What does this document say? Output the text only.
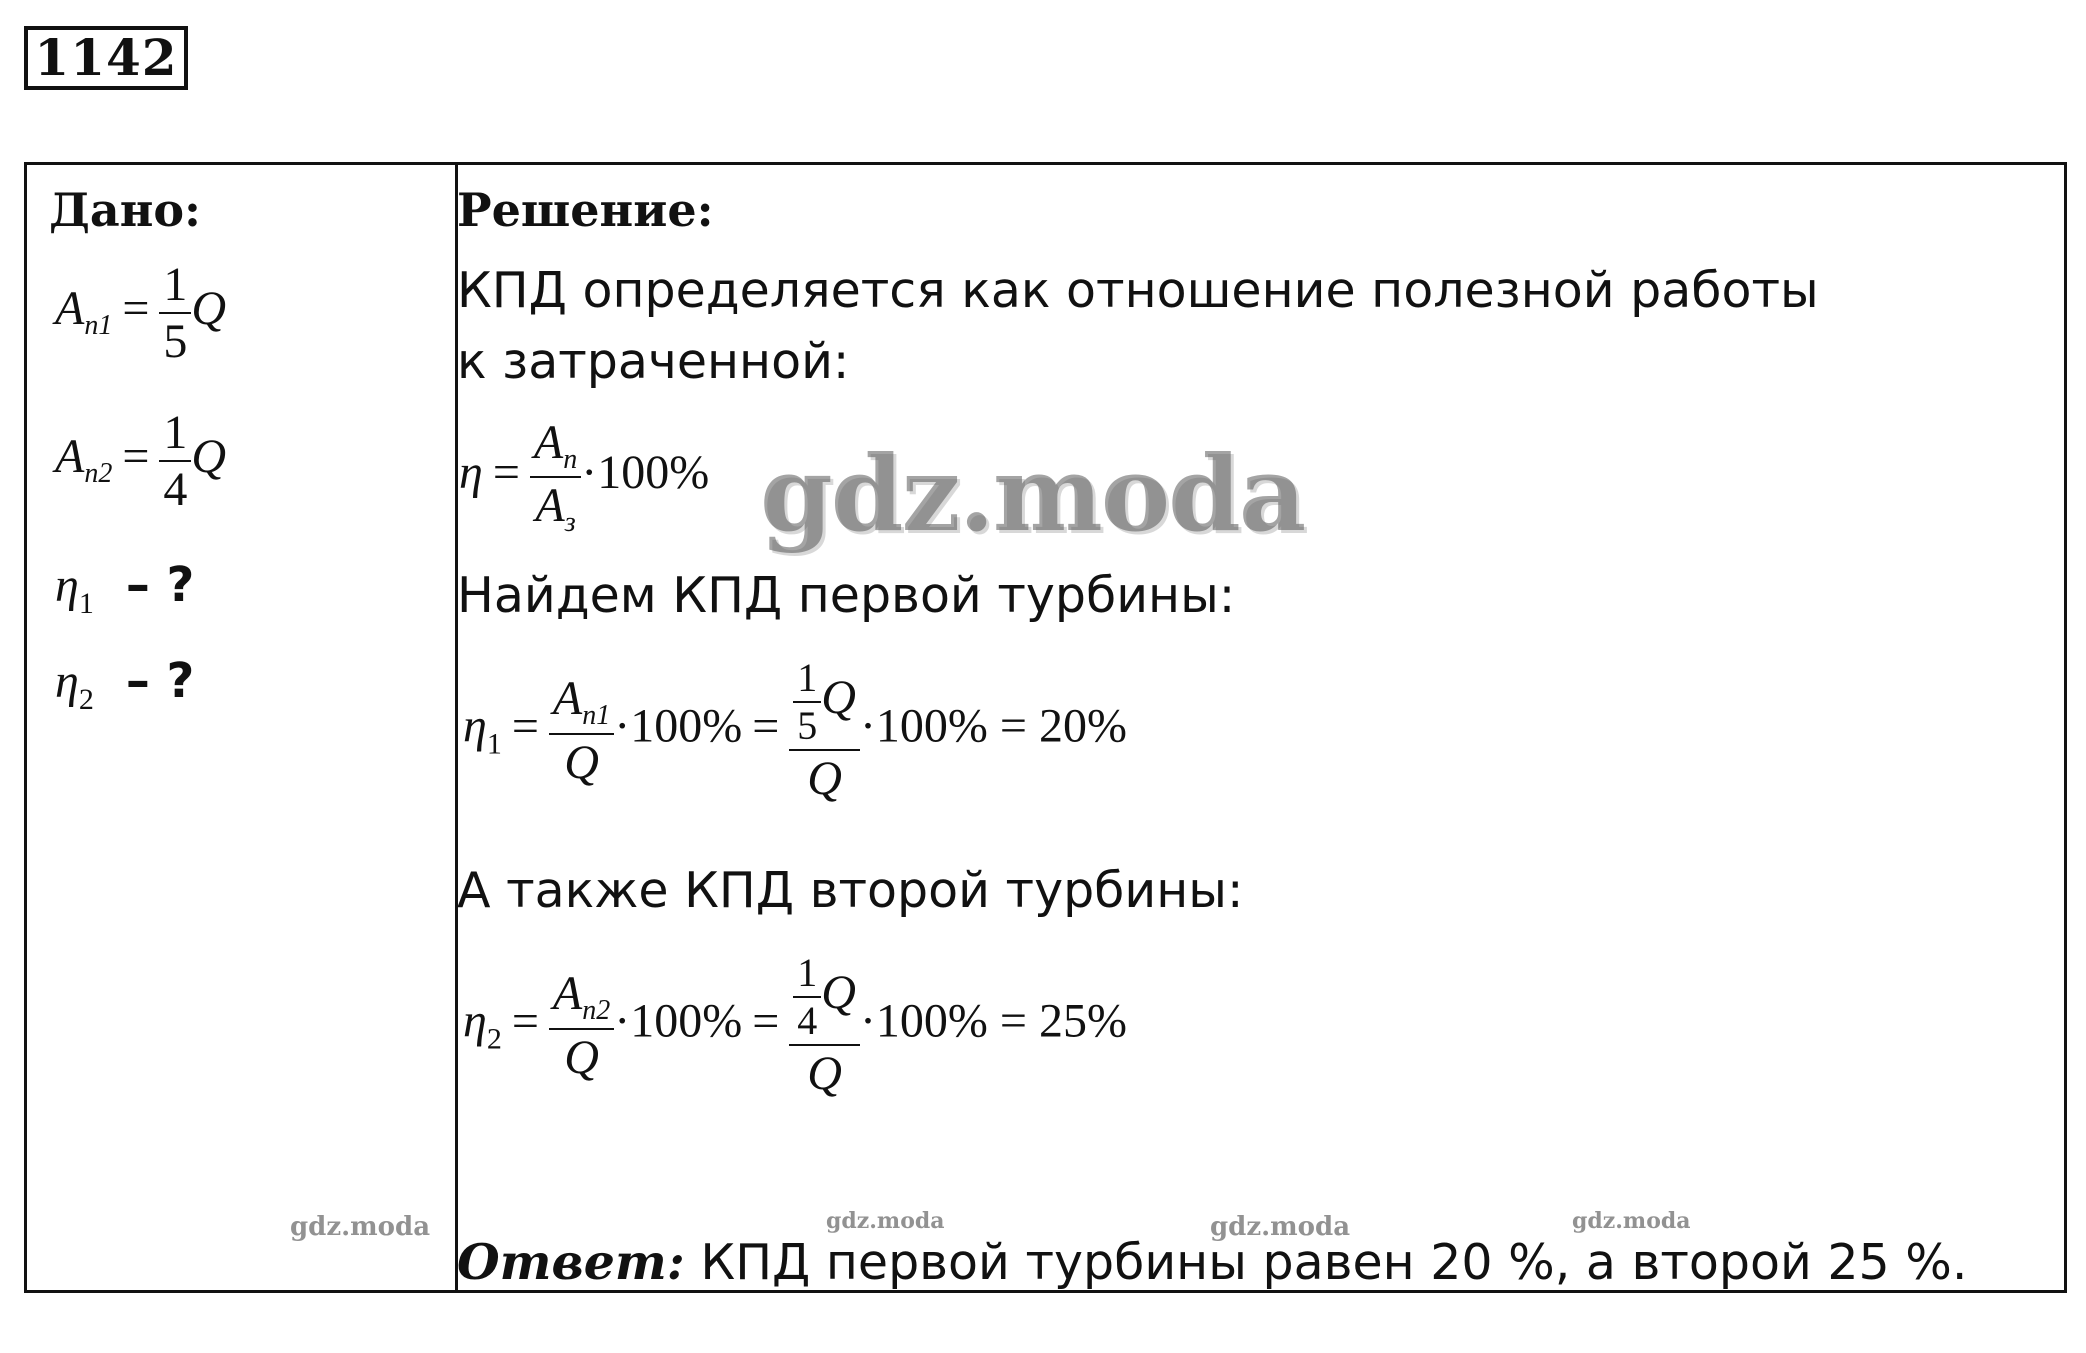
1142
Дано:
$A_{п1} = \frac{1}{5}$ Q
$A_{п2} = \frac{1}{4}$ Q
$\eta_1$ – ?
$\eta_2$ – ?
Решение:
КПД определяется как отношение полезной работы к затраченной:
$\eta = \frac{A_п}{A_з} \cdot 100\%$
Найдем КПД первой турбины:
$\eta_1 = \frac{A_{п1}}{Q} \cdot 100\% = \frac{\frac{1}{5} Q}{Q} \cdot 100\% = 20\%$
А также КПД второй турбины:
$\eta_2 = \frac{A_{п2}}{Q} \cdot 100\% = \frac{\frac{1}{4} Q}{Q} \cdot 100\% = 25\%$
Ответ: КПД первой турбины равен 20 %, а второй 25 %.
gdz.moda
gdz.moda	gdz.moda	gdz.moda	gdz.moda
